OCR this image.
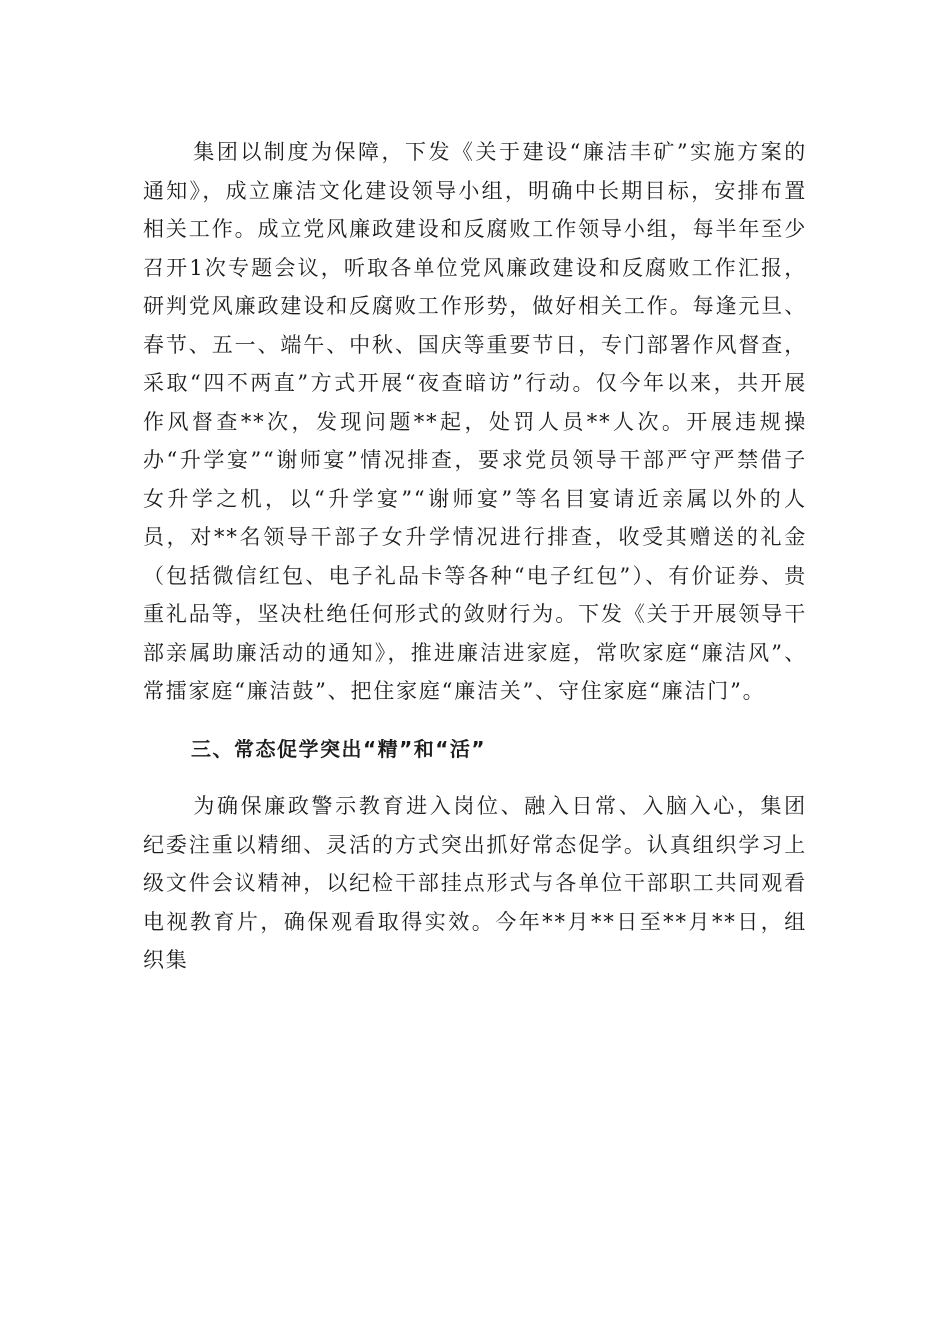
集团以制度为保障，下发《关于建设“廉洁丰矿”实施方案的通知》，成立廉洁文化建设领导小组，明确中长期目标，安排布置相关工作。成立党风廉政建设和反腐败工作领导小组，每半年至少召开1次专题会议，听取各单位党风廉政建设和反腐败工作汇报，研判党风廉政建设和反腐败工作形势，做好相关工作。每逢元旦、春节、五一、端午、中秋、国庆等重要节日，专门部署作风督查，采取“四不两直”方式开展“夜查暗访”行动。仅今年以来，共开展作风督查**次，发现问题**起，处罚人员**人次。开展违规操办“升学宴”“谢师宴”情况排查，要求党员领导干部严守严禁借子女升学之机，以“升学宴”“谢师宴”等名目宴请近亲属以外的人员，对**名领导干部子女升学情况进行排查，收受其赠送的礼金（包括微信红包、电子礼品卡等各种“电子红包”）、有价证券、贵重礼品等，坚决杜绝任何形式的敛财行为。下发《关于开展领导干部亲属助廉活动的通知》，推进廉洁进家庭，常吹家庭“廉洁风”、常擂家庭“廉洁鼓”、把住家庭“廉洁关”、守住家庭“廉洁门”。

三、常态促学突出“精”和“活”

为确保廉政警示教育进入岗位、融入日常、入脑入心，集团纪委注重以精细、灵活的方式突出抓好常态促学。认真组织学习上级文件会议精神，以纪检干部挂点形式与各单位干部职工共同观看电视教育片，确保观看取得实效。今年**月**日至**月**日，组织集
